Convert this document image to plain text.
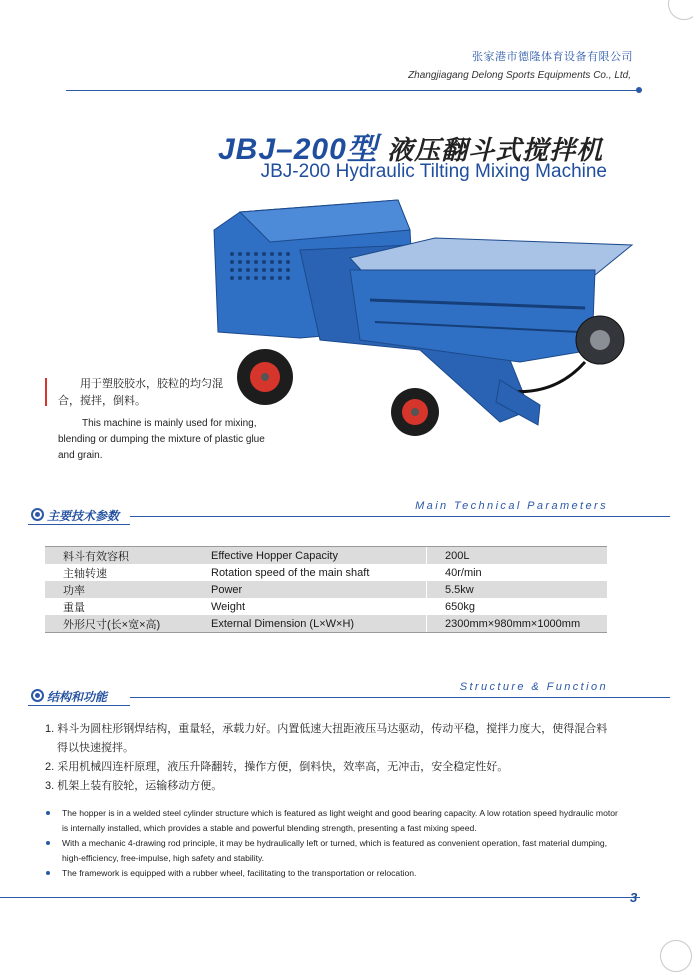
张家港市德隆体育设备有限公司
Zhangjiagang Delong Sports Equipments Co., Ltd,
JBJ–200型 液压翻斗式搅拌机
JBJ-200 Hydraulic Tilting Mixing Machine
用于塑胶胶水，胶粒的均匀混合，搅拌，倒料。
This machine is mainly used for mixing, blending or dumping the mixture of plastic glue and grain.
Main Technical Parameters
主要技术参数
料斗有效容积	Effective Hopper Capacity	200L
主轴转速	Rotation speed of the main shaft	40r/min
功率	Power	5.5kw
重量	Weight	650kg
外形尺寸(长×宽×高)	External Dimension (L×W×H)	2300mm×980mm×1000mm
Structure & Function
结构和功能
1. 料斗为圆柱形钢焊结构，重量轻，承载力好。内置低速大扭距液压马达驱动，传动平稳，搅拌力度大，使得混合料得以快速搅拌。
2. 采用机械四连杆原理，液压升降翻转，操作方便，倒料快，效率高，无冲击，安全稳定性好。
3. 机架上装有胶轮，运输移动方便。
The hopper is in a welded steel cylinder structure which is featured as light weight and good bearing capacity. A low rotation speed hydraulic motor is internally installed, which provides a stable and powerful blending strength, presenting a fast mixing speed.
With a mechanic 4-drawing rod principle, it may be hydraulically left or turned, which is featured as convenient operation, fast material dumping, high-efficiency, free-impulse, high safety and stability.
The framework is equipped with a rubber wheel, facilitating to the transportation or relocation.
3
